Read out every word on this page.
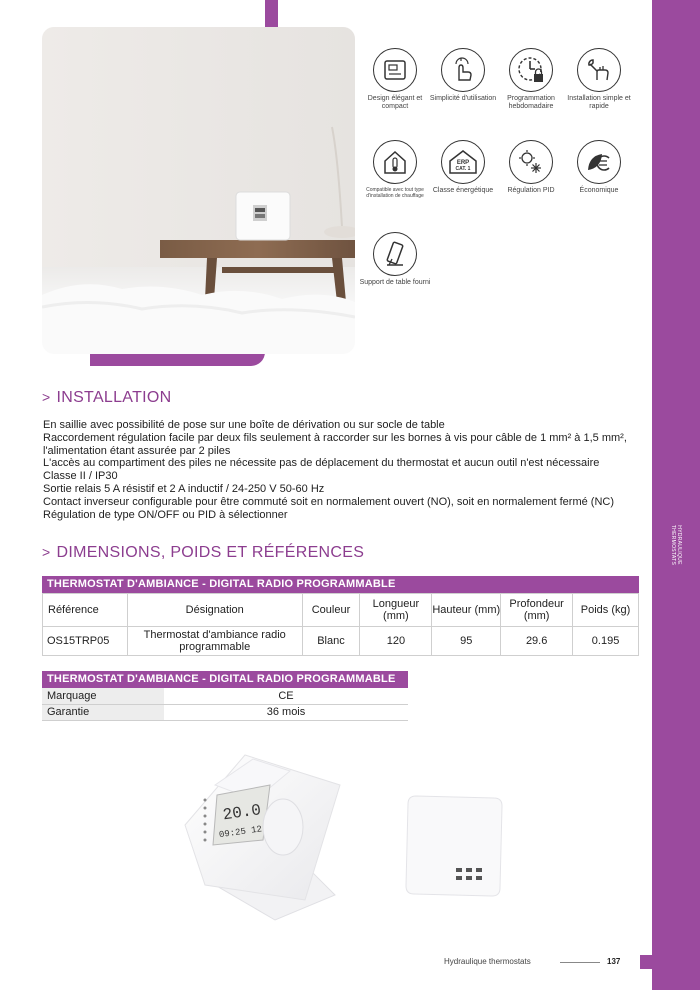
HYDRAULIQUE
THERMOSTATS
Design élégant et compact
Simplicité d'utilisation	Programmation hebdomadaire
Installation simple et rapide
Compatible avec tout type d'installation de chauffage
ERP
CAT. 1
Classe énergétique	Régulation PID	Économique
Support de table fourni
> INSTALLATION
En saillie avec possibilité de pose sur une boîte de dérivation ou sur socle de table
Raccordement régulation facile par deux fils seulement à raccorder sur les bornes à vis pour câble de 1 mm² à 1,5 mm²,
l'alimentation étant assurée par 2 piles
L'accès au compartiment des piles ne nécessite pas de déplacement du thermostat et aucun outil n'est nécessaire
Classe II / IP30
Sortie relais 5 A résistif et 2 A inductif / 24-250 V 50-60 Hz
Contact inverseur configurable pour être commuté soit en normalement ouvert (NO), soit en normalement fermé (NC)
Régulation de type ON/OFF ou PID à sélectionner
> DIMENSIONS, POIDS ET RÉFÉRENCES
THERMOSTAT D'AMBIANCE - DIGITAL RADIO PROGRAMMABLE
Référence	Désignation	Couleur	Longueur (mm)	Hauteur (mm)	Profondeur (mm)	Poids (kg)
OS15TRP05	Thermostat d'ambiance radio programmable	Blanc	120	95	29.6	0.195
THERMOSTAT D'AMBIANCE - DIGITAL RADIO PROGRAMMABLE
Marquage	CE
Garantie	36 mois
20.0
09:25 12
Hydraulique thermostats	137
